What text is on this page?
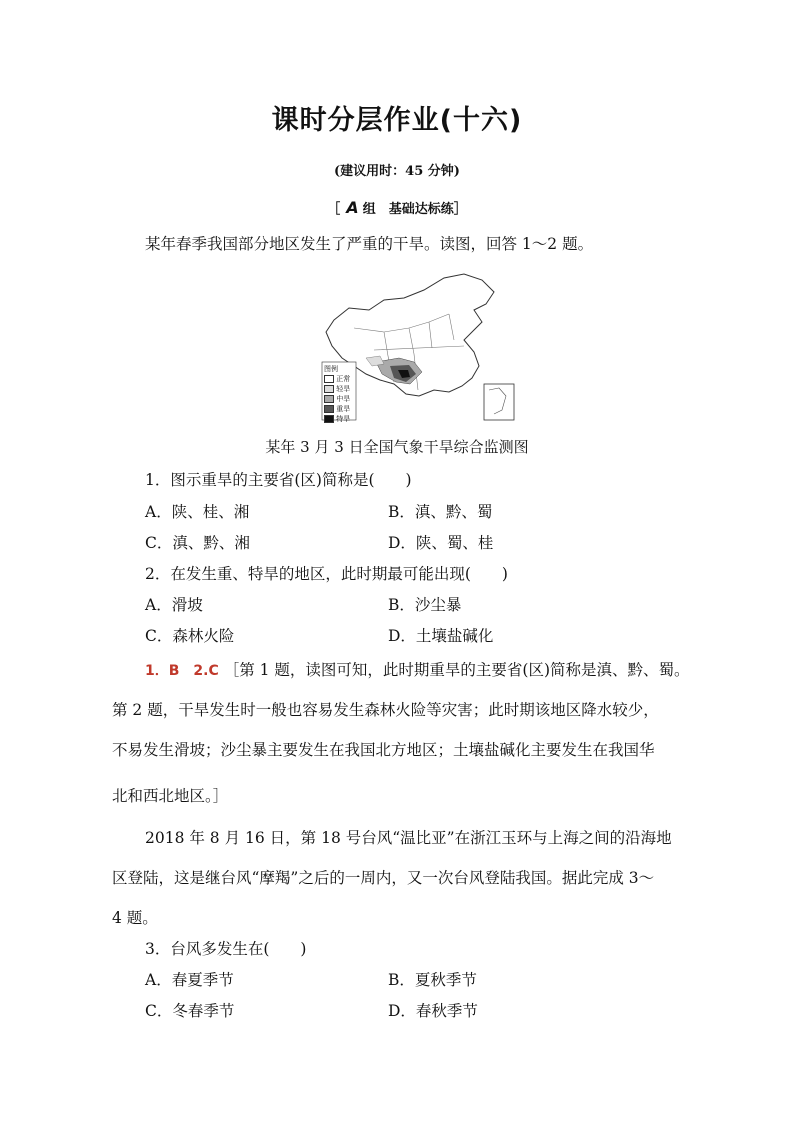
课时分层作业(十六)
(建议用时：45 分钟)
［ A 组　基础达标练］
某年春季我国部分地区发生了严重的干旱。读图，回答 1～2 题。
图例
正常
轻旱
中旱
重旱
特旱
某年 3 月 3 日全国气象干旱综合监测图
1．图示重旱的主要省(区)简称是(　　)
A．陕、桂、湘	B．滇、黔、蜀
C．滇、黔、湘	D．陕、蜀、桂
2．在发生重、特旱的地区，此时期最可能出现(　　)
A．滑坡	B．沙尘暴
C．森林火险	D．土壤盐碱化
1．B　2.C ［第 1 题，读图可知，此时期重旱的主要省(区)简称是滇、黔、蜀。
第 2 题，干旱发生时一般也容易发生森林火险等灾害；此时期该地区降水较少，
不易发生滑坡；沙尘暴主要发生在我国北方地区；土壤盐碱化主要发生在我国华
北和西北地区。］
2018 年 8 月 16 日，第 18 号台风“温比亚”在浙江玉环与上海之间的沿海地
区登陆，这是继台风“摩羯”之后的一周内，又一次台风登陆我国。据此完成 3～
4 题。
3．台风多发生在(　　)
A．春夏季节	B．夏秋季节
C．冬春季节	D．春秋季节
